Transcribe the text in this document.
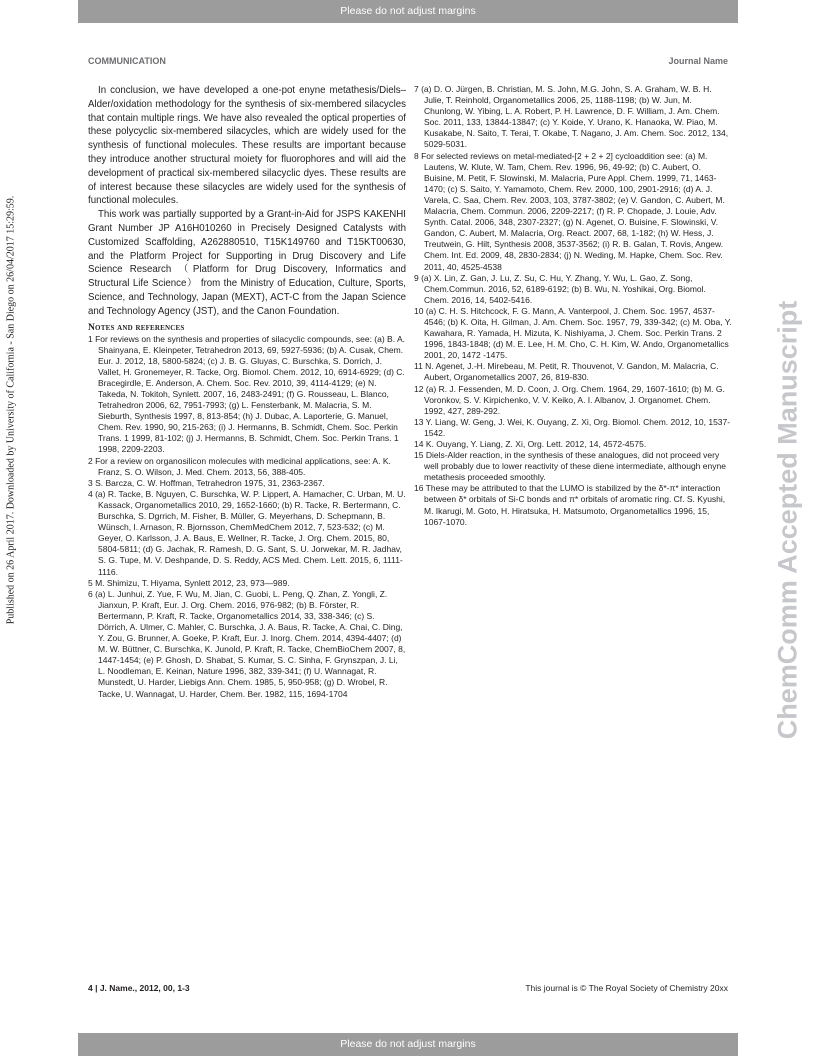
Please do not adjust margins
COMMUNICATION	Journal Name
Published on 26 April 2017. Downloaded by University of California - San Diego on 26/04/2017 15:29:59.	ChemComm Accepted Manuscript

In conclusion, we have developed a one-pot enyne metathesis/Diels–Alder/oxidation methodology for the synthesis of six-membered silacycles that contain multiple rings. We have also revealed the optical properties of these polycyclic six-membered silacycles, which are widely used for the synthesis of functional molecules. These results are important because they introduce another structural moiety for fluorophores and will aid the development of practical six-membered silacyclic dyes. These results are of interest because these silacycles are widely used for the synthesis of functional molecules.

This work was partially supported by a Grant-in-Aid for JSPS KAKENHI Grant Number JP A16H010260 in Precisely Designed Catalysts with Customized Scaffolding, A262880510, T15K149760 and T15KT00630, and the Platform Project for Supporting in Drug Discovery and Life Science Research （Platform for Drug Discovery, Informatics and Structural Life Science） from the Ministry of Education, Culture, Sports, Science, and Technology, Japan (MEXT), ACT-C from the Japan Science and Technology Agency (JST), and the Canon Foundation.

Notes and references
1 For reviews on the synthesis and properties of silacyclic compounds, see: (a) B. A. Shainyana, E. Kleinpeter, Tetrahedron 2013, 69, 5927-5936; (b) A. Cusak, Chem. Eur. J. 2012, 18, 5800-5824; (c) J. B. G. Gluyas, C. Burschka, S. Dorrich, J. Vallet, H. Gronemeyer, R. Tacke, Org. Biomol. Chem. 2012, 10, 6914-6929; (d) C. Bracegirdle, E. Anderson, A. Chem. Soc. Rev. 2010, 39, 4114-4129; (e) N. Takeda, N. Tokitoh, Synlett. 2007, 16, 2483-2491; (f) G. Rousseau, L. Blanco, Tetrahedron 2006, 62, 7951-7993; (g) L. Fensterbank, M. Malacria, S. M. Sieburth, Synthesis 1997, 8, 813-854; (h) J. Dubac, A. Laporterie, G. Manuel, Chem. Rev. 1990, 90, 215-263; (i) J. Hermanns, B. Schmidt, Chem. Soc. Perkin Trans. 1 1999, 81-102; (j) J. Hermanns, B. Schmidt, Chem. Soc. Perkin Trans. 1 1998, 2209-2203.
2 For a review on organosilicon molecules with medicinal applications, see: A. K. Franz, S. O. Wilson, J. Med. Chem. 2013, 56, 388-405.
3 S. Barcza, C. W. Hoffman, Tetrahedron 1975, 31, 2363-2367.
4 (a) R. Tacke, B. Nguyen, C. Burschka, W. P. Lippert, A. Hamacher, C. Urban, M. U. Kassack, Organometallics 2010, 29, 1652-1660; (b) R. Tacke, R. Bertermann, C. Burschka, S. Dgrrich, M. Fisher, B. Müller, G. Meyerhans, D. Schepmann, B. Wünsch, I. Arnason, R. Bjornsson, ChemMedChem 2012, 7, 523-532; (c) M. Geyer, O. Karlsson, J. A. Baus, E. Wellner, R. Tacke, J. Org. Chem. 2015, 80, 5804-5811; (d) G. Jachak, R. Ramesh, D. G. Sant, S. U. Jorwekar, M. R. Jadhav, S. G. Tupe, M. V. Deshpande, D. S. Reddy, ACS Med. Chem. Lett. 2015, 6, 1111-1116.
5 M. Shimizu, T. Hiyama, Synlett 2012, 23, 973—989.
6 (a) L. Junhui, Z. Yue, F. Wu, M. Jian, C. Guobi, L. Peng, Q. Zhan, Z. Yongli, Z. Jianxun, P. Kraft, Eur. J. Org. Chem. 2016, 976-982; (b) B. Förster, R. Bertermann, P. Kraft, R. Tacke, Organometallics 2014, 33, 338-346; (c) S. Dörrich, A. Ulmer, C. Mahler, C. Burschka, J. A. Baus, R. Tacke, A. Chai, C. Ding, Y. Zou, G. Brunner, A. Goeke, P. Kraft, Eur. J. Inorg. Chem. 2014, 4394-4407; (d) M. W. Büttner, C. Burschka, K. Junold, P. Kraft, R. Tacke, ChemBioChem 2007, 8, 1447-1454; (e) P. Ghosh, D. Shabat, S. Kumar, S. C. Sinha, F. Grynszpan, J. Li, L. Noodleman, E. Keinan, Nature 1996, 382, 339-341; (f) U. Wannagat, R. Munstedt, U. Harder, Liebigs Ann. Chem. 1985, 5, 950-958; (g) D. Wrobel, R. Tacke, U. Wannagat, U. Harder, Chem. Ber. 1982, 115, 1694-1704
7 (a) D. O. Jürgen, B. Christian, M. S. John, M.G. John, S. A. Graham, W. B. H. Julie, T. Reinhold, Organometallics 2006, 25, 1188-1198; (b) W. Jun, M. Chunlong, W. Yibing, L. A. Robert, P. H. Lawrence, D. F. William, J. Am. Chem. Soc. 2011, 133, 13844-13847; (c) Y. Koide, Y. Urano, K. Hanaoka, W. Piao, M. Kusakabe, N. Saito, T. Terai, T. Okabe, T. Nagano, J. Am. Chem. Soc. 2012, 134, 5029-5031.
8 For selected reviews on metal-mediated-[2 + 2 + 2] cycloaddition see: (a) M. Lautens, W. Klute, W. Tam, Chem. Rev. 1996, 96, 49-92; (b) C. Aubert, O. Buisine, M. Petit, F. Slowinski, M. Malacria, Pure Appl. Chem. 1999, 71, 1463-1470; (c) S. Saito, Y. Yamamoto, Chem. Rev. 2000, 100, 2901-2916; (d) A. J. Varela, C. Saa, Chem. Rev. 2003, 103, 3787-3802; (e) V. Gandon, C. Aubert, M. Malacria, Chem. Commun. 2006, 2209-2217; (f) R. P. Chopade, J. Louie, Adv. Synth. Catal. 2006, 348, 2307-2327; (g) N. Agenet, O. Buisine, F. Slowinski, V. Gandon, C. Aubert, M. Malacria, Org. React. 2007, 68, 1-182; (h) W. Hess, J. Treutwein, G. Hilt, Synthesis 2008, 3537-3562; (i) R. B. Galan, T. Rovis, Angew. Chem. Int. Ed. 2009, 48, 2830-2834; (j) N. Weding, M. Hapke, Chem. Soc. Rev. 2011, 40, 4525-4538
9 (a) X. Lin, Z. Gan, J. Lu, Z. Su, C. Hu, Y. Zhang, Y. Wu, L. Gao, Z. Song, Chem.Commun. 2016, 52, 6189-6192; (b) B. Wu, N. Yoshikai, Org. Biomol. Chem. 2016, 14, 5402-5416.
10 (a) C. H. S. Hitchcock, F. G. Mann, A. Vanterpool, J. Chem. Soc. 1957, 4537-4546; (b) K. Oita, H. Gilman, J. Am. Chem. Soc. 1957, 79, 339-342; (c) M. Oba, Y. Kawahara, R. Yamada, H. Mizuta, K. Nishiyama, J. Chem. Soc. Perkin Trans. 2 1996, 1843-1848; (d) M. E. Lee, H. M. Cho, C. H. Kim, W. Ando, Organometallics 2001, 20, 1472 -1475.
11 N. Agenet, J.-H. Mirebeau, M. Petit, R. Thouvenot, V. Gandon, M. Malacria, C. Aubert, Organometallics 2007, 26, 819-830.
12 (a) R. J. Fessenden, M. D. Coon, J. Org. Chem. 1964, 29, 1607-1610; (b) M. G. Voronkov, S. V. Kirpichenko, V. V. Keiko, A. I. Albanov, J. Organomet. Chem. 1992, 427, 289-292.
13 Y. Liang, W. Geng, J. Wei, K. Ouyang, Z. Xi, Org. Biomol. Chem. 2012, 10, 1537-1542.
14 K. Ouyang, Y. Liang, Z. Xi, Org. Lett. 2012, 14, 4572-4575.
15 Diels-Alder reaction, in the synthesis of these analogues, did not proceed very well probably due to lower reactivity of these diene intermediate, although enyne metathesis proceeded smoothly.
16 These may be attributed to that the LUMO is stabilized by the δ*-π* interaction between δ* orbitals of Si-C bonds and π* orbitals of aromatic ring. Cf. S. Kyushi, M. Ikarugi, M. Goto, H. Hiratsuka, H. Matsumoto, Organometallics 1996, 15, 1067-1070.
4 | J. Name., 2012, 00, 1-3	This journal is © The Royal Society of Chemistry 20xx
Please do not adjust margins
